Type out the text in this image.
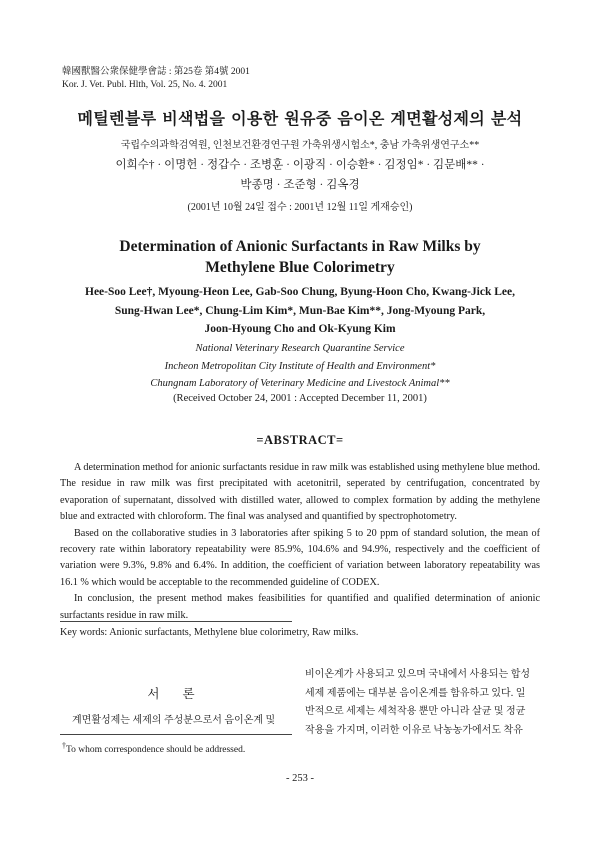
韓國獸醫公衆保健學會誌 : 第25卷 第4號 2001
Kor. J. Vet. Publ. Hlth, Vol. 25, No. 4. 2001
메틸렌블루 비색법을 이용한 원유중 음이온 계면활성제의 분석
국립수의과학검역원, 인천보건환경연구원 가축위생시험소*, 충남 가축위생연구소**
이희수† · 이명헌 · 정갑수 · 조병훈 · 이광직 · 이승환* · 김정임* · 김문배** ·
박종명 · 조준형 · 김옥경
(2001년 10월 24일 접수 : 2001년 12월 11일 게재승인)
Determination of Anionic Surfactants in Raw Milks by
Methylene Blue Colorimetry
Hee-Soo Lee†, Myoung-Heon Lee, Gab-Soo Chung, Byung-Hoon Cho, Kwang-Jick Lee,
Sung-Hwan Lee*, Chung-Lim Kim*, Mun-Bae Kim**, Jong-Myoung Park,
Joon-Hyoung Cho and Ok-Kyung Kim
National Veterinary Research Quarantine Service
Incheon Metropolitan City Institute of Health and Environment*
Chungnam Laboratory of Veterinary Medicine and Livestock Animal**
(Received October 24, 2001 : Accepted December 11, 2001)
=ABSTRACT=

A determination method for anionic surfactants residue in raw milk was established using methylene blue method. The residue in raw milk was first precipitated with acetonitril, seperated by centrifugation, concentrated by evaporation of supernatant, dissolved with distilled water, allowed to complex formation by adding the methylene blue and extracted with chloroform. The final was analysed and quantified by spectrophotometry.

Based on the collaborative studies in 3 laboratories after spiking 5 to 20 ppm of standard solution, the mean of recovery rate within laboratory repeatability were 85.9%, 104.6% and 94.9%, respectively and the coefficient of variation were 9.3%, 9.8% and 6.4%. In addition, the coefficient of variation between laboratory repeatability was 16.1 % which would be acceptable to the recommended guideline of CODEX.

In conclusion, the present method makes feasibilities for quantified and qualified determination of anionic surfactants residue in raw milk.

Key words: Anionic surfactants, Methylene blue colorimetry, Raw milks.
서 론
계면활성제는 세제의 주성분으로서 음이온계 및
비이온계가 사용되고 있으며 국내에서 사용되는 합성
세제 제품에는 대부분 음이온계를 함유하고 있다. 일
반적으로 세제는 세척작용 뿐만 아니라 살균 및 정균
작용을 가지며, 이러한 이유로 낙농농가에서도 착유
†To whom correspondence should be addressed.
- 253 -
